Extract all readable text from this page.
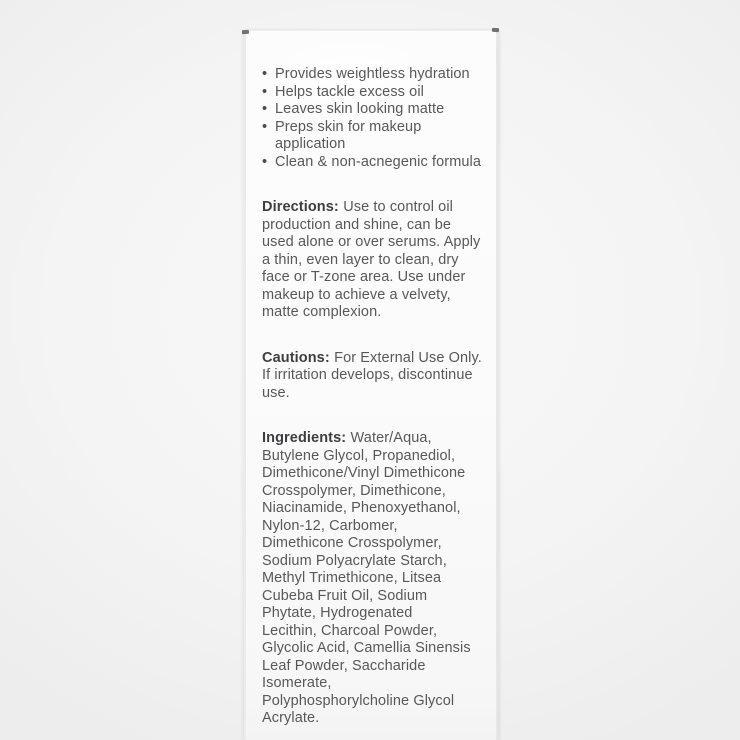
• Provides weightless hydration
• Helps tackle excess oil
• Leaves skin looking matte
• Preps skin for makeup
application
• Clean & non-acnegenic formula
Directions: Use to control oil
production and shine, can be
used alone or over serums. Apply
a thin, even layer to clean, dry
face or T-zone area. Use under
makeup to achieve a velvety,
matte complexion.
Cautions: For External Use Only.
If irritation develops, discontinue
use.
Ingredients: Water/Aqua,
Butylene Glycol, Propanediol,
Dimethicone/Vinyl Dimethicone
Crosspolymer, Dimethicone,
Niacinamide, Phenoxyethanol,
Nylon-12, Carbomer,
Dimethicone Crosspolymer,
Sodium Polyacrylate Starch,
Methyl Trimethicone, Litsea
Cubeba Fruit Oil, Sodium
Phytate, Hydrogenated
Lecithin, Charcoal Powder,
Glycolic Acid, Camellia Sinensis
Leaf Powder, Saccharide
Isomerate,
Polyphosphorylcholine Glycol
Acrylate.
